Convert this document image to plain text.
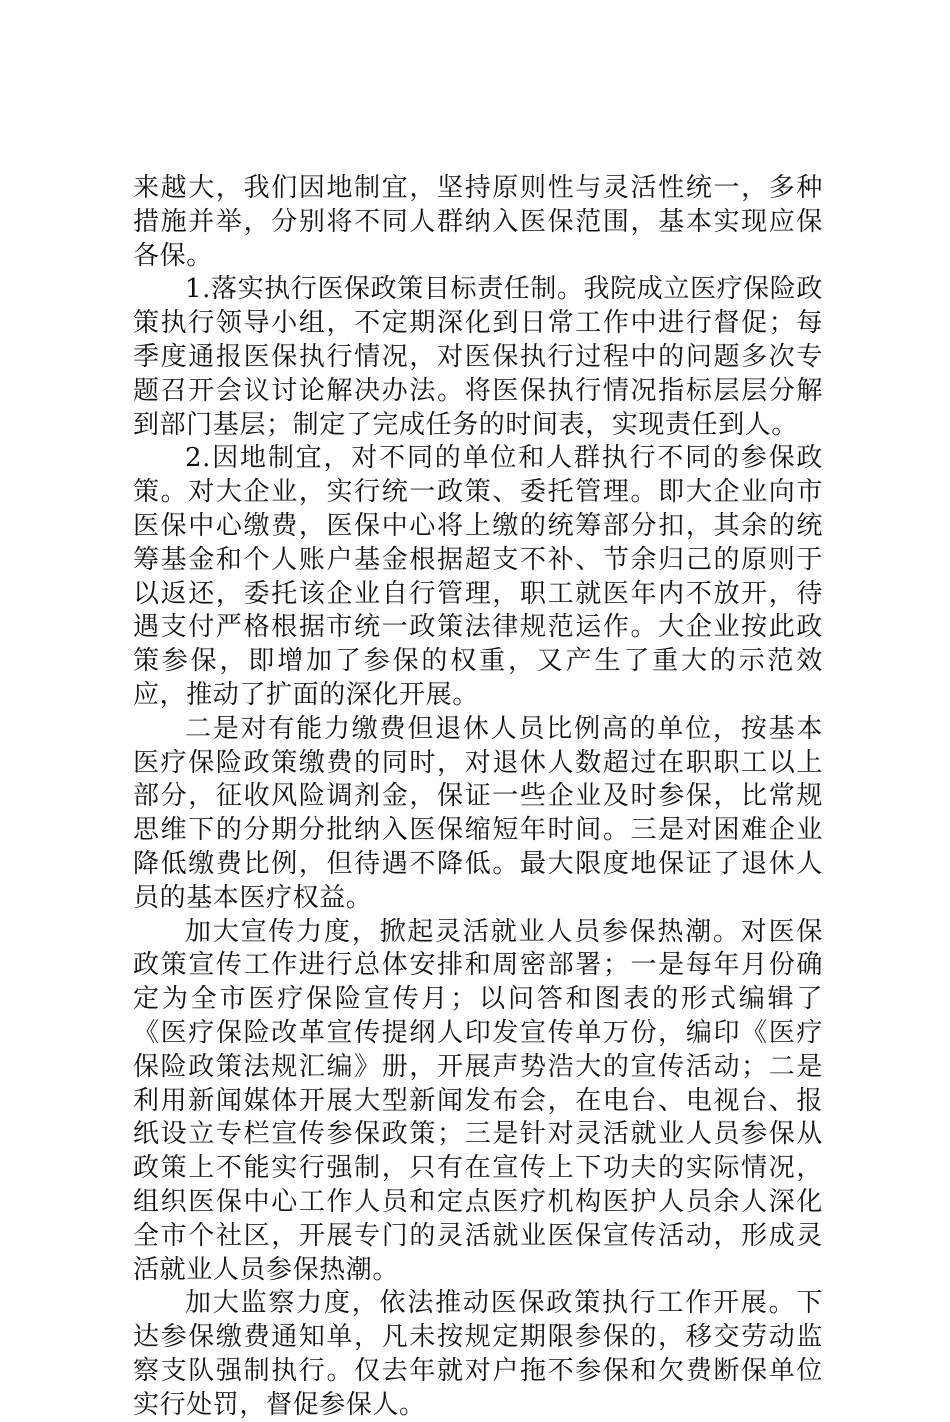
来越大，我们因地制宜，坚持原则性与灵活性统一，多种措施并举，分别将不同人群纳入医保范围，基本实现应保各保。

1.落实执行医保政策目标责任制。我院成立医疗保险政策执行领导小组，不定期深化到日常工作中进行督促；每季度通报医保执行情况，对医保执行过程中的问题多次专题召开会议讨论解决办法。将医保执行情况指标层层分解到部门基层；制定了完成任务的时间表，实现责任到人。

2.因地制宜，对不同的单位和人群执行不同的参保政策。对大企业，实行统一政策、委托管理。即大企业向市医保中心缴费，医保中心将上缴的统筹部分扣，其余的统筹基金和个人账户基金根据超支不补、节余归己的原则于以返还，委托该企业自行管理，职工就医年内不放开，待遇支付严格根据市统一政策法律规范运作。大企业按此政策参保，即增加了参保的权重，又产生了重大的示范效应，推动了扩面的深化开展。

二是对有能力缴费但退休人员比例高的单位，按基本医疗保险政策缴费的同时，对退休人数超过在职职工以上部分，征收风险调剂金，保证一些企业及时参保，比常规思维下的分期分批纳入医保缩短年时间。三是对困难企业降低缴费比例，但待遇不降低。最大限度地保证了退休人员的基本医疗权益。

加大宣传力度，掀起灵活就业人员参保热潮。对医保政策宣传工作进行总体安排和周密部署；一是每年月份确定为全市医疗保险宣传月；以问答和图表的形式编辑了《医疗保险改革宣传提纲人印发宣传单万份，编印《医疗保险政策法规汇编》册，开展声势浩大的宣传活动；二是利用新闻媒体开展大型新闻发布会，在电台、电视台、报纸设立专栏宣传参保政策；三是针对灵活就业人员参保从政策上不能实行强制，只有在宣传上下功夫的实际情况，组织医保中心工作人员和定点医疗机构医护人员余人深化全市个社区，开展专门的灵活就业医保宣传活动，形成灵活就业人员参保热潮。

加大监察力度，依法推动医保政策执行工作开展。下达参保缴费通知单，凡未按规定期限参保的，移交劳动监察支队强制执行。仅去年就对户拖不参保和欠费断保单位实行处罚，督促参保人。
